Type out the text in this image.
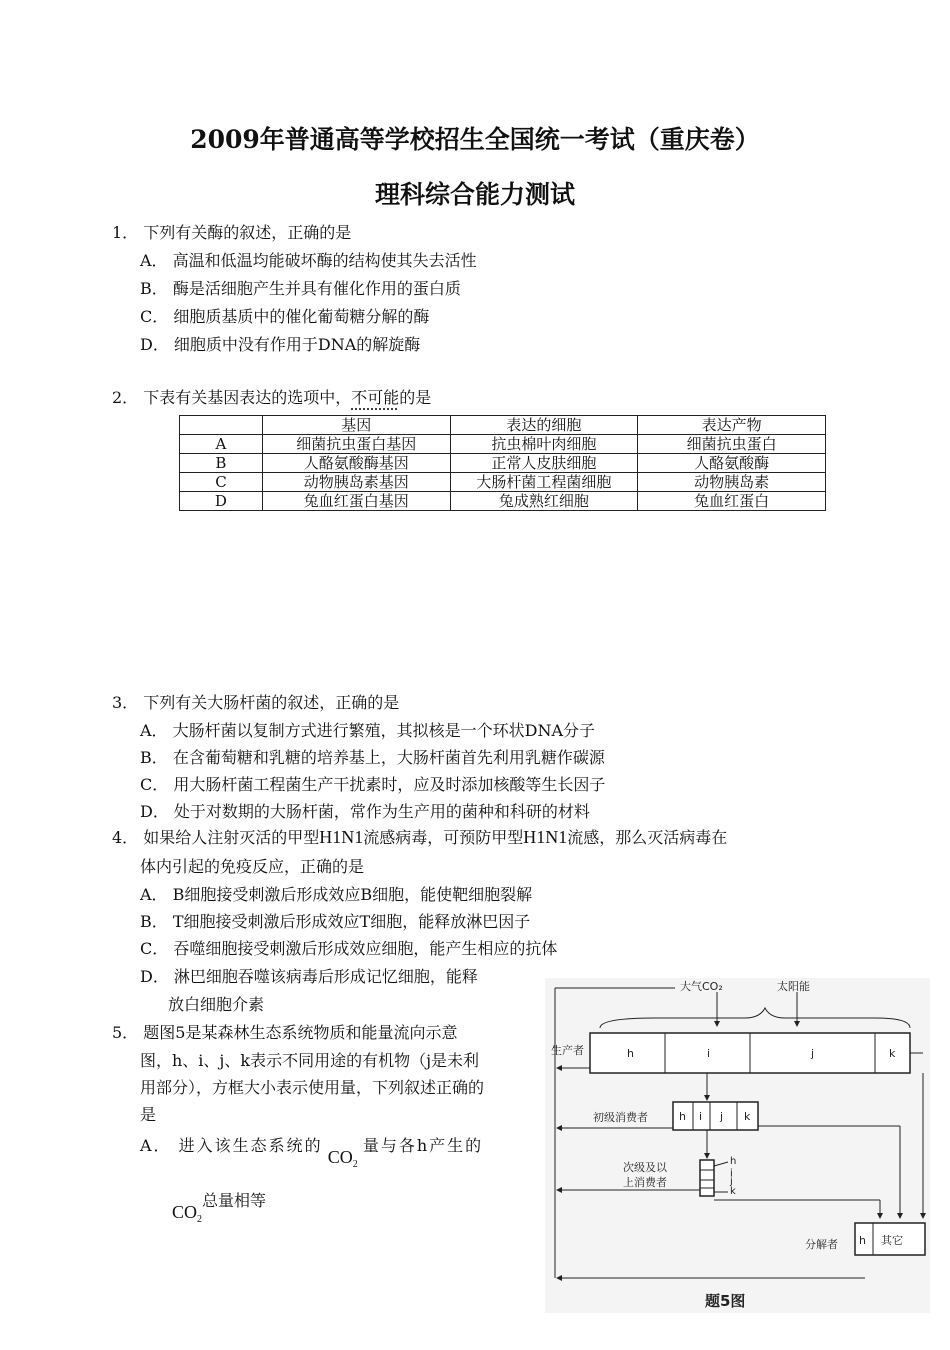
2009年普通高等学校招生全国统一考试（重庆卷）
理科综合能力测试
1． 下列有关酶的叙述，正确的是
A． 高温和低温均能破坏酶的结构使其失去活性
B． 酶是活细胞产生并具有催化作用的蛋白质
C． 细胞质基质中的催化葡萄糖分解的酶
D． 细胞质中没有作用于DNA的解旋酶
2． 下表有关基因表达的选项中，不可能的是
	基因	表达的细胞	表达产物
A	细菌抗虫蛋白基因	抗虫棉叶肉细胞	细菌抗虫蛋白
B	人酪氨酸酶基因	正常人皮肤细胞	人酪氨酸酶
C	动物胰岛素基因	大肠杆菌工程菌细胞	动物胰岛素
D	兔血红蛋白基因	兔成熟红细胞	兔血红蛋白
3． 下列有关大肠杆菌的叙述，正确的是
A． 大肠杆菌以复制方式进行繁殖，其拟核是一个环状DNA分子
B． 在含葡萄糖和乳糖的培养基上，大肠杆菌首先利用乳糖作碳源
C． 用大肠杆菌工程菌生产干扰素时，应及时添加核酸等生长因子
D． 处于对数期的大肠杆菌，常作为生产用的菌种和科研的材料
4． 如果给人注射灭活的甲型H1N1流感病毒，可预防甲型H1N1流感，那么灭活病毒在
体内引起的免疫反应，正确的是
A． B细胞接受刺激后形成效应B细胞，能使靶细胞裂解
B． T细胞接受刺激后形成效应T细胞，能释放淋巴因子
C． 吞噬细胞接受刺激后形成效应细胞，能产生相应的抗体
D． 淋巴细胞吞噬该病毒后形成记忆细胞，能释
放白细胞介素
5． 题图5是某森林生态系统物质和能量流向示意
图，h、i、j、k表示不同用途的有机物（j是未利
用部分），方框大小表示使用量，下列叙述正确的
是
A． 进入该生态系统的 $CO_2$ 量与各h产生的
$CO_2$总量相等
大气CO₂	太阳能
生产者	h	i	j	k
初级消费者	h i j k
次级及以
上消费者
h
i
j
k
分解者 h 其它
题5图
